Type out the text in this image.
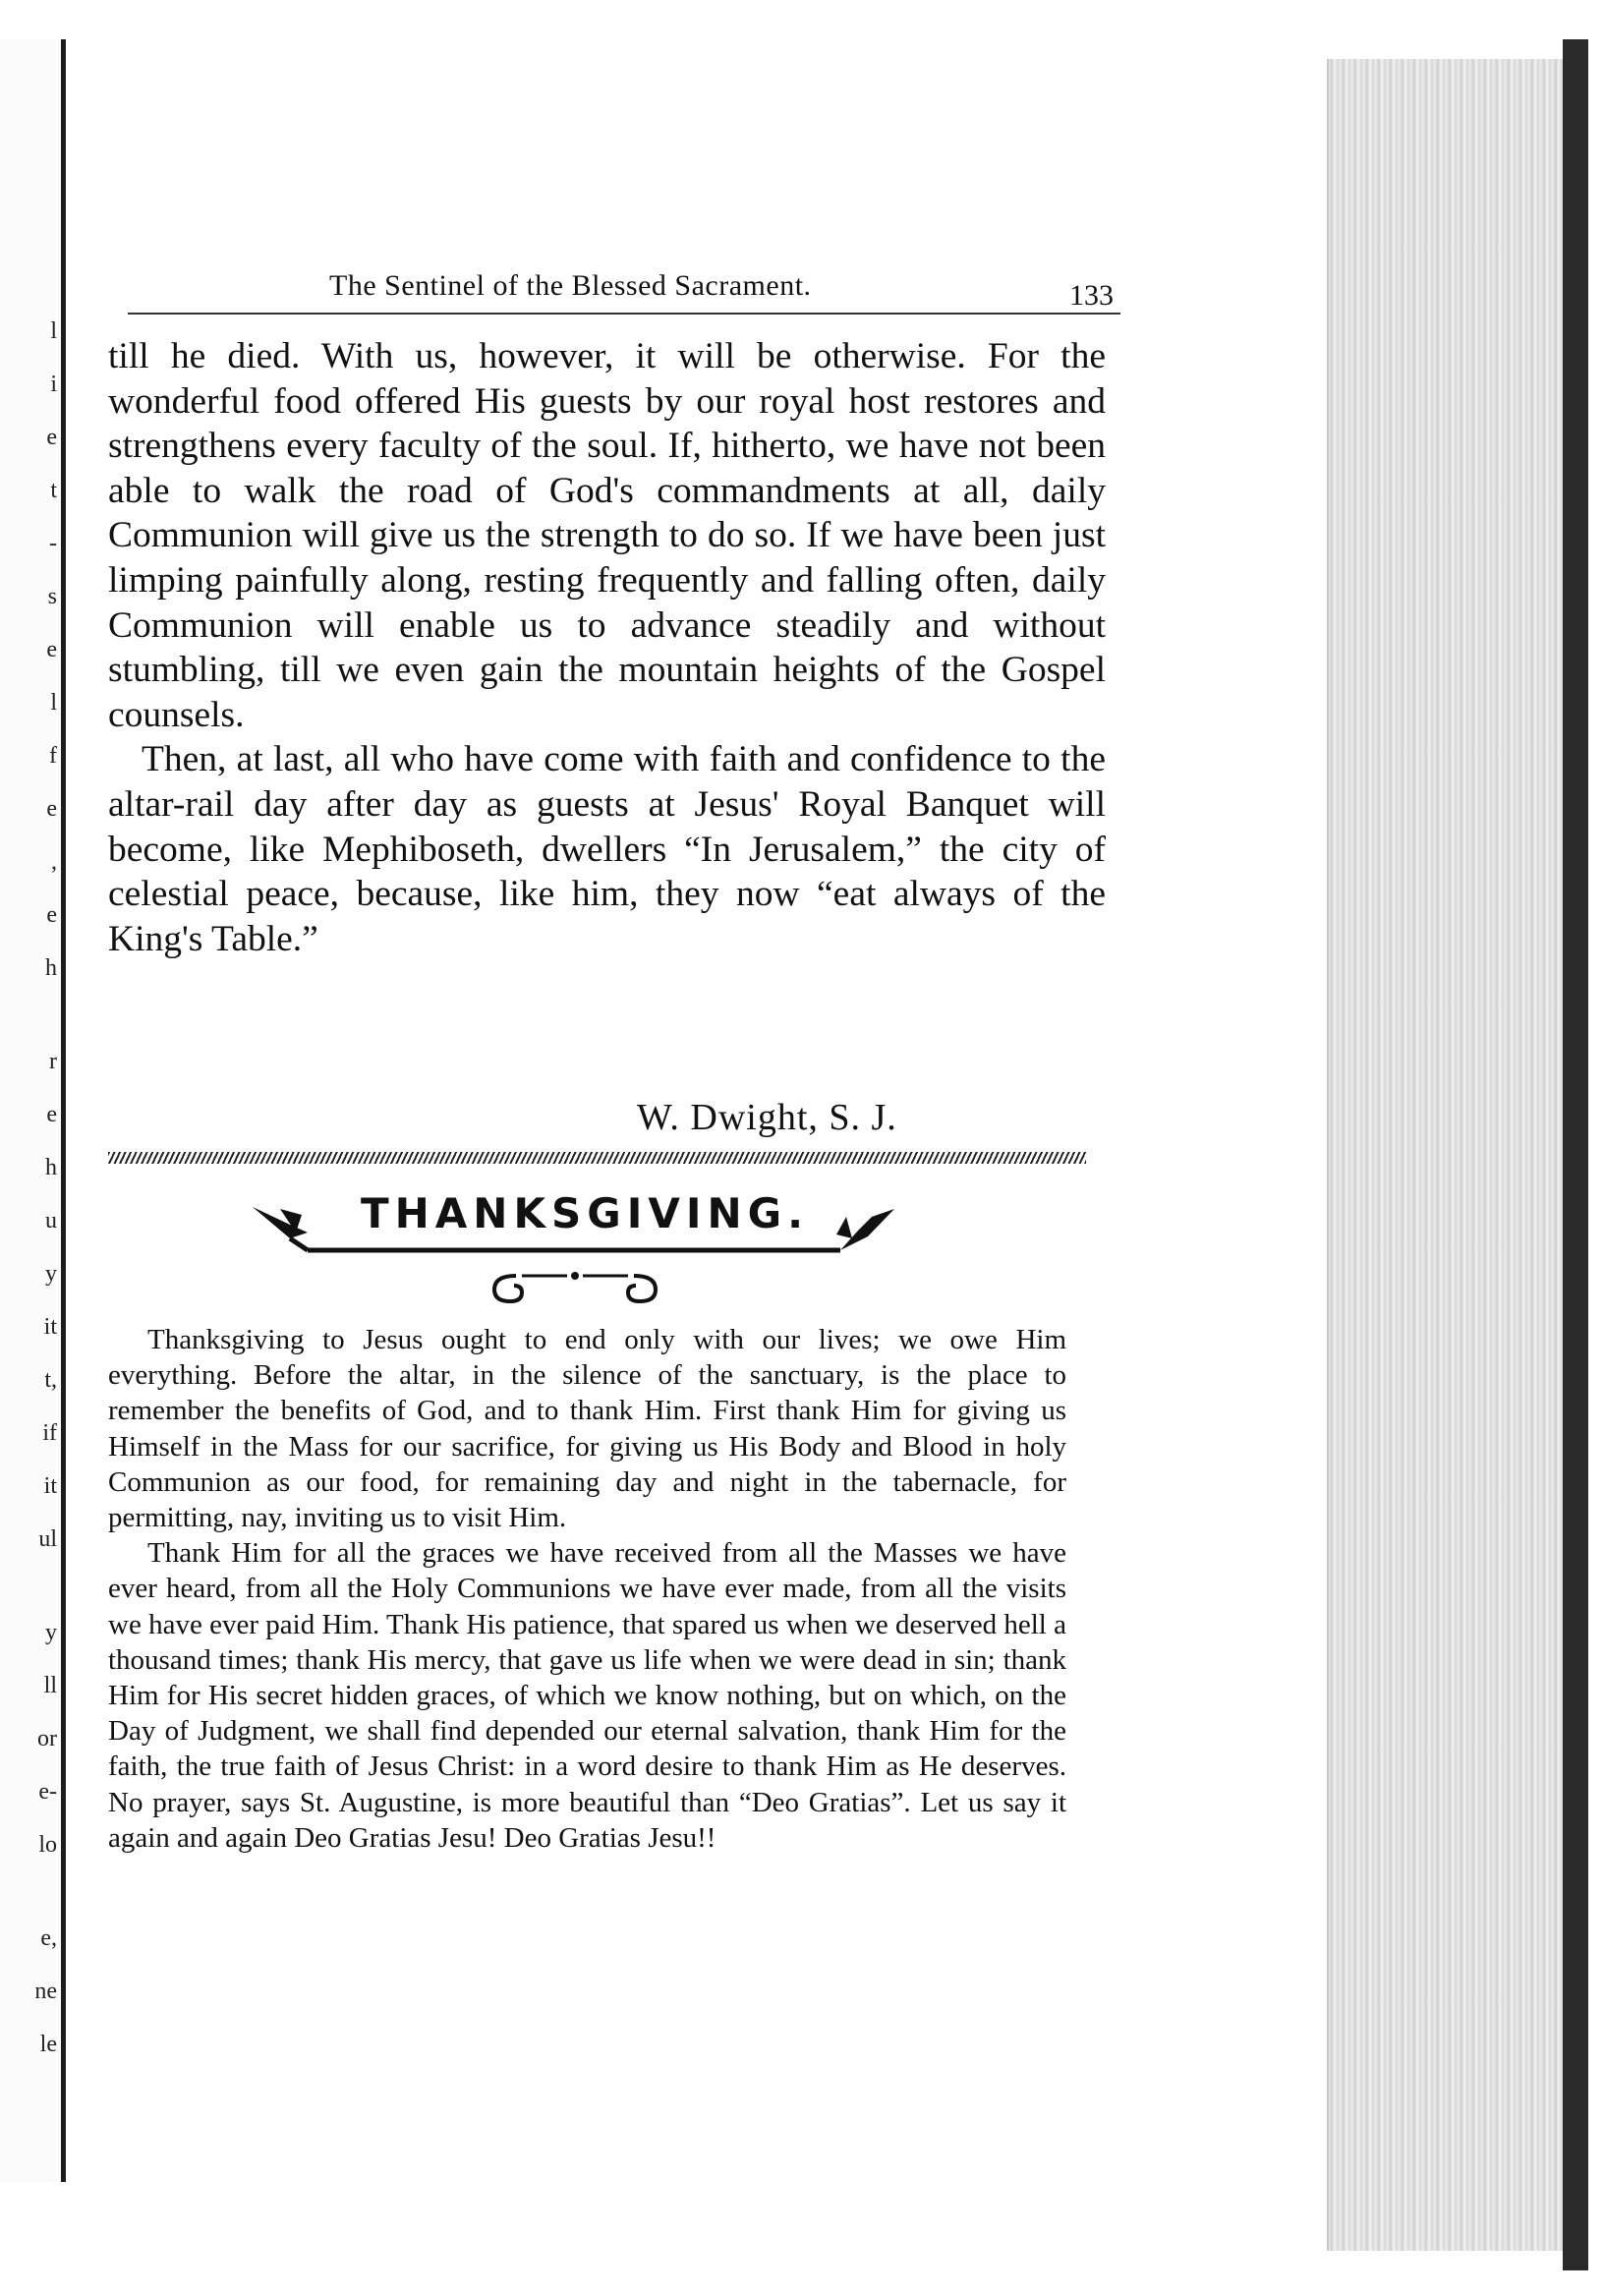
l
i
e
t
-
s
e
l
f
e
,
e
h
r
e
h
u
y
it
t,
if
it
ul
y
ll
or
e-
lo
e,
ne
le
The Sentinel of the Blessed Sacrament.	133

till he died. With us, however, it will be otherwise. For the wonderful food offered His guests by our royal host restores and strengthens every faculty of the soul. If, hitherto, we have not been able to walk the road of God's commandments at all, daily Communion will give us the strength to do so. If we have been just limping painfully along, resting frequently and falling often, daily Communion will enable us to advance steadily and without stumbling, till we even gain the mountain heights of the Gospel counsels.

Then, at last, all who have come with faith and confidence to the altar-rail day after day as guests at Jesus' Royal Banquet will become, like Mephiboseth, dwellers “In Jerusalem,” the city of celestial peace, because, like him, they now “eat always of the King's Table.”

W. Dwight, S. J.
THANKSGIVING.

Thanksgiving to Jesus ought to end only with our lives; we owe Him everything. Before the altar, in the silence of the sanctuary, is the place to remember the benefits of God, and to thank Him. First thank Him for giving us Himself in the Mass for our sacrifice, for giving us His Body and Blood in holy Communion as our food, for remaining day and night in the tabernacle, for permitting, nay, inviting us to visit Him.

Thank Him for all the graces we have received from all the Masses we have ever heard, from all the Holy Communions we have ever made, from all the visits we have ever paid Him. Thank His patience, that spared us when we deserved hell a thousand times; thank His mercy, that gave us life when we were dead in sin; thank Him for His secret hidden graces, of which we know nothing, but on which, on the Day of Judgment, we shall find depended our eternal salvation, thank Him for the faith, the true faith of Jesus Christ: in a word desire to thank Him as He deserves. No prayer, says St. Augustine, is more beautiful than “Deo Gratias”. Let us say it again and again Deo Gratias Jesu! Deo Gratias Jesu!!
